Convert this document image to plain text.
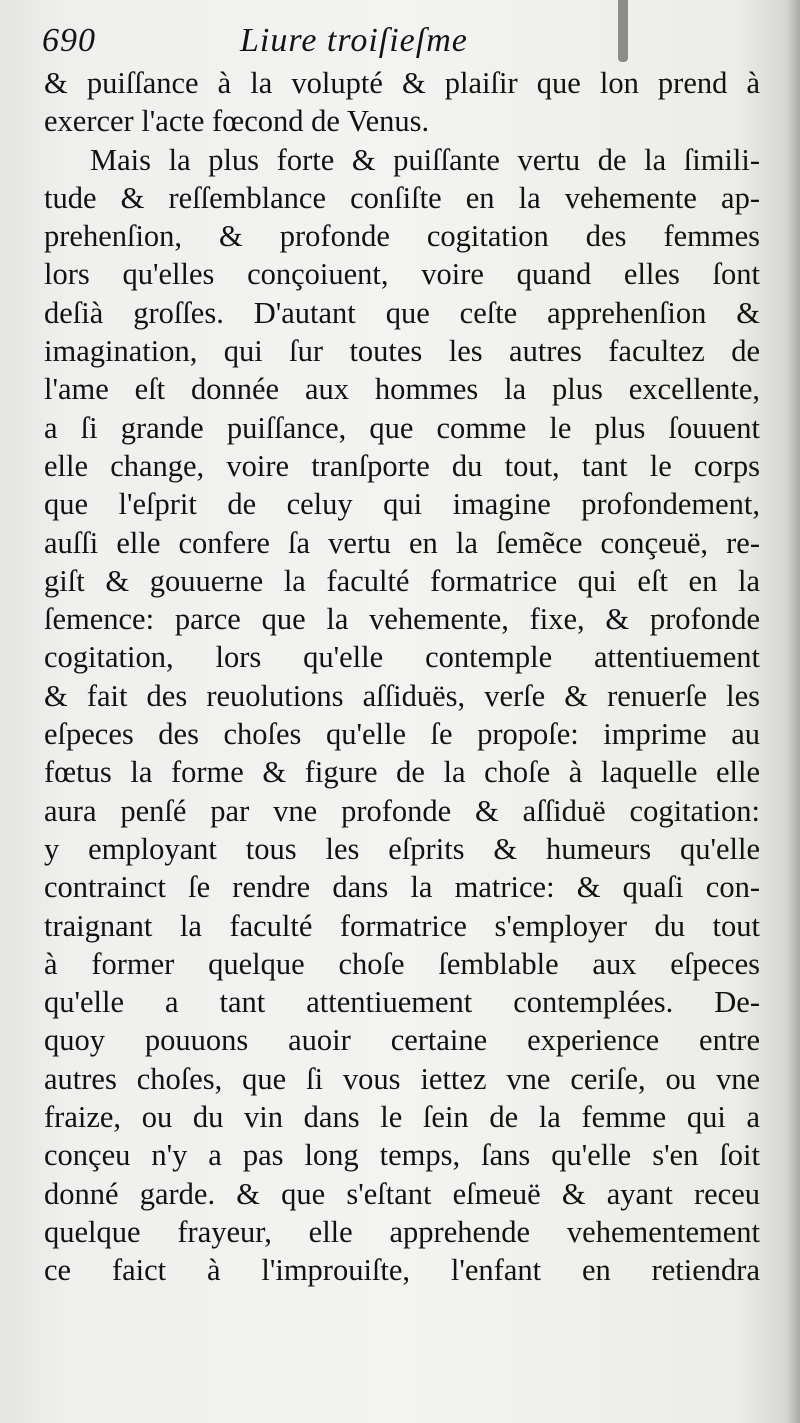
690	Liure troiſieſme
& puiſſance à la volupté & plaiſir que lon prend à
exercer l'acte fœcond de Venus.
Mais la plus forte & puiſſante vertu de la ſimili-
tude & reſſemblance conſiſte en la vehemente ap-
prehenſion, & profonde cogitation des femmes
lors qu'elles conçoiuent, voire quand elles ſont
deſià groſſes. D'autant que ceſte apprehenſion &
imagination, qui ſur toutes les autres facultez de
l'ame eſt donnée aux hommes la plus excellente,
a ſi grande puiſſance, que comme le plus ſouuent
elle change, voire tranſporte du tout, tant le corps
que l'eſprit de celuy qui imagine profondement,
auſſi elle confere ſa vertu en la ſemẽce conçeuë, re-
giſt & gouuerne la faculté formatrice qui eſt en la
ſemence: parce que la vehemente, fixe, & profonde
cogitation, lors qu'elle contemple attentiuement
& fait des reuolutions aſſiduës, verſe & renuerſe les
eſpeces des choſes qu'elle ſe propoſe: imprime au
fœtus la forme & figure de la choſe à laquelle elle
aura penſé par vne profonde & aſſiduë cogitation:
y employant tous les eſprits & humeurs qu'elle
contrainct ſe rendre dans la matrice: & quaſi con-
traignant la faculté formatrice s'employer du tout
à former quelque choſe ſemblable aux eſpeces
qu'elle a tant attentiuement contemplées. De-
quoy pouuons auoir certaine experience entre
autres choſes, que ſi vous iettez vne ceriſe, ou vne
fraize, ou du vin dans le ſein de la femme qui a
conçeu n'y a pas long temps, ſans qu'elle s'en ſoit
donné garde. & que s'eſtant eſmeuë & ayant receu
quelque frayeur, elle apprehende vehementement
ce faict à l'improuiſte, l'enfant en retiendra
